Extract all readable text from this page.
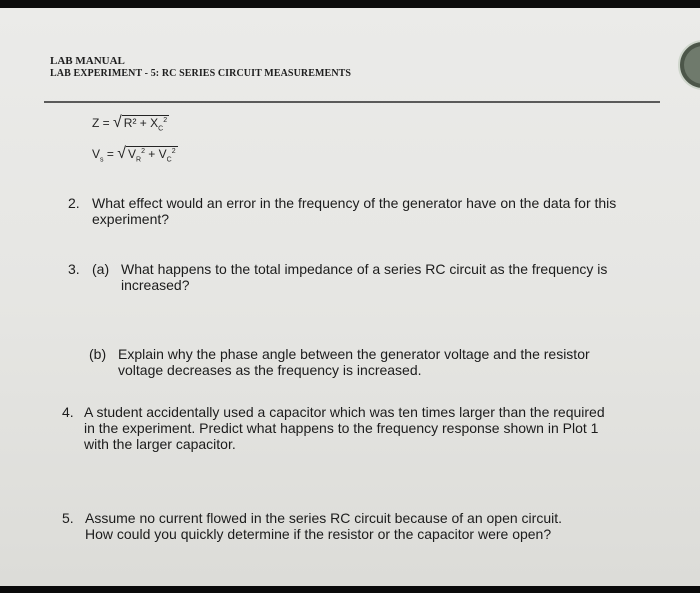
LAB MANUAL
LAB EXPERIMENT - 5: RC SERIES CIRCUIT MEASUREMENTS
Z = √ $R^2 + X_C^2$
$V_s$ = √ $V_R^2 + V_C^2$
2. What effect would an error in the frequency of the generator have on the data for this
experiment?
3. (a) What happens to the total impedance of a series RC circuit as the frequency is
increased?
(b) Explain why the phase angle between the generator voltage and the resistor
voltage decreases as the frequency is increased.
4. A student accidentally used a capacitor which was ten times larger than the required
in the experiment. Predict what happens to the frequency response shown in Plot 1
with the larger capacitor.
5. Assume no current flowed in the series RC circuit because of an open circuit.
How could you quickly determine if the resistor or the capacitor were open?
